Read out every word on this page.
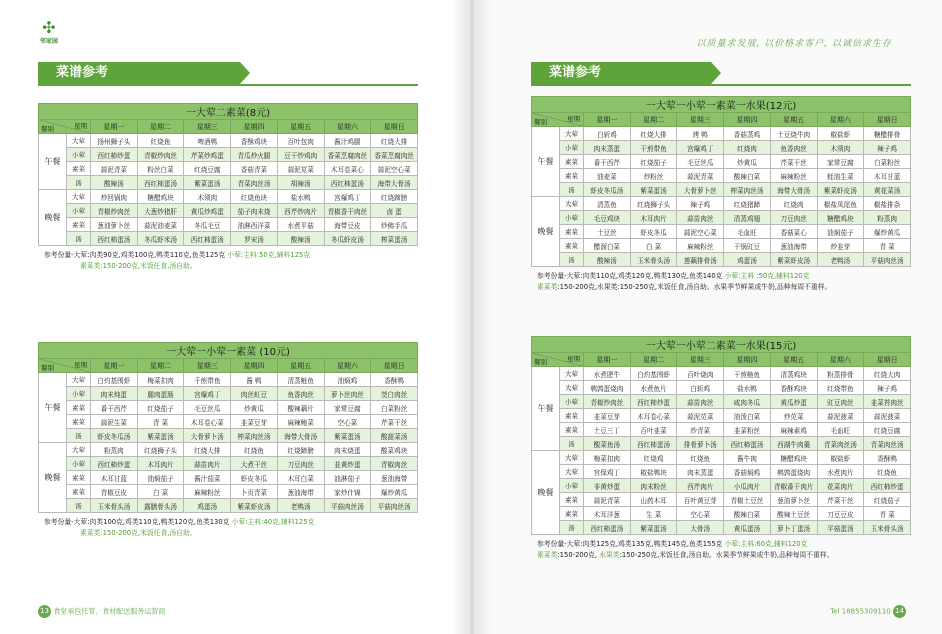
✣
邻家园
菜谱参考
一大荤二素菜(8元)								

星期
餐别		星期一	星期二	星期三	星期四	星期五	星期六	星期日
午餐	大荤	扬州狮子头	红烧鱼	啤酒鸭	香酥鸡块	百叶包肉	酱汁鸡腿	红烧大排
	小荤	西红柿炒蛋	青椒炒肉丝	芹菜炒鸡蛋	青瓜炒火腿	豆干炒鸡肉	香菜烹腐肉丝	香菜烹腐肉丝
	素菜	蒜泥青菜	粉丝白菜	红烧豆腐	香菇青菜	蒜泥苋菜	木耳卷菜心	蒜泥空心菜
	汤	酸辣汤	西红柿蛋汤	紫菜蛋汤	青菜肉丝汤	胡辣汤	西红柿蛋汤	海带大骨汤
晚餐	大荤	炒回锅肉	糖醋鸡块	木须肉	红烧鱼块	盐水鸭	宫爆鸡丁	红烧蹄膀
	小荤	青椒炒肉丝	大葱炒猪肝	黄瓜炒鸡蛋	茄子肉末烧	西芹炒肉片	青椒香干肉丝	卤 蛋
	素菜	葱油萝卜丝	蒜泥油麦菜	冬瓜毛豆	油淋西洋菜	水煮平菇	海带豆皮	炒佛手瓜
	汤	西红柿蛋汤	冬瓜虾米汤	西红柿蛋汤	罗宋汤	酸辣汤	冬瓜虾皮汤	榨菜蛋汤
参考份量-大荤:肉类90克,鸡类100克,鸭类110克,鱼类125克 小荤:主料:50克,辅料125克
素菜类:150-200克,米饭任食,汤自助。
一大荤一小荤一素菜 (10元)								

星期
餐别		星期一	星期二	星期三	星期四	星期五	星期六	星期日
午餐	大荤	白灼基围虾	梅菜扣肉	千煎带鱼	酱 鸭	清蒸鲢鱼	油焖鸡	香酥鸭
	小荤	肉末炖蛋	腿肉蛋肠	宫爆鸡丁	肉丝虹豆	鱼香肉丝	萝卜丝肉丝	茭白肉丝
	素菜	番干西芹	红烧茄子	毛豆丝瓜	炒黄瓜	酸辣藕片	家常豆腐	白菜粉丝
	素菜	蒜泥生菜	青 菜	木耳卷心菜	韭菜豆芽	麻辣鲍菜	空心菜	芹菜干丝
	汤	虾皮冬瓜汤	紫菜蛋汤	大骨萝卜汤	榨菜肉丝汤	海带大骨汤	紫菜蛋汤	酸甜菜汤
晚餐	大荤	粉蒸肉	红烧狮子头	红烧大排	红烧鱼	红烧蹄膀	肉末烧蛋	酸菜鸡块
	小荤	西红柿炒蛋	木耳肉片	蒜苗肉片	大煮干丝	刀豆肉丝	韭黄炒蛋	青椒肉丝
	素菜	木耳甘蓝	油焖茄子	酱汁茄菜	虾皮冬瓜	木耳白菜	油淋茄子	葱油海带
	素菜	青椒豆皮	白 菜	麻辣粉丝	卜页青菜	葱油海带	家炒什锦	爆炒黄瓜
	汤	玉米骨头汤	露膳骨头汤	鸡蛋汤	紫菜虾皮汤	老鸭汤	平菇肉丝汤	平菇肉丝汤
参考份量-大荤:肉类100克,鸡类110克,鸭类120克,鱼类130克 小荤:主料:40克,辅料125克
素菜类:150-200克,米饭任食,汤自助。
13 食堂承包托管、食材配送服务运营商
以质量求发展, 以价格求客户, 以诚信求生存
菜谱参考
一大荤一小荤一素菜一水果(12元)								

星期
餐别		星期一	星期二	星期三	星期四	星期五	星期六	星期日
午餐	大荤	白斩鸡	红烧大排	烤 鸭	香菇蒸鸡	土豆烧牛肉	椒盐虾	糖醋排骨
	小荤	肉末蒸蛋	干煎带鱼	宫爆鸡丁	红烧肉	鱼香肉丝	木须肉	辣子鸡
	素菜	番干西芹	红烧茄子	毛豆丝瓜	炒黄瓜	芹菜干丝	家常豆腐	白菜粉丝
	素菜	油麦菜	炒粉丝	蒜泥青菜	酸辣白菜	麻辣粉丝	蚝油生菜	木耳甘蓝
	汤	虾皮冬瓜汤	紫菜蛋汤	大骨萝卜丝	榨菜肉丝汤	海带大骨汤	紫菜虾皮汤	黄花菜汤
晚餐	大荤	清蒸鱼	红烧狮子头	辣子鸡	红烧猪蹄	红烧肉	椒盐凤尾鱼	椒盐排条
	小荤	毛豆鸡块	木耳肉片	蒜苗肉丝	清蒸鸡翅	刀豆肉丝	糖醋鸡块	粉蒸肉
	素菜	土豆丝	虾皮冬瓜	蒜泥空心菜	毛血旺	香菇菜心	油焖茄子	爆炒黄瓜
	素菜	醋溜白菜	白 菜	麻辣粉丝	干锅豇豆	葱油海带	炒韭芽	青 菜
	汤	酸辣汤	玉米骨头汤	莲藕排骨汤	鸡蛋汤	紫菜虾皮汤	老鸭汤	平菇肉丝汤
参考份量-大荤:肉类110克,鸡类120克,鸭类130克,鱼类140克 小荤:主料 :50克,辅料120克
素菜类:150-200克,水果类:150-250克,米饭任食,汤自助。水果季节鲜果或牛奶,品种每周不重样。
一大荤一小荤二素菜一水果(15元)								

星期
餐别		星期一	星期二	星期三	星期四	星期五	星期六	星期日
午餐	大荤	水煮肥牛	白灼基围虾	百叶烧肉	干煎鲢鱼	清蒸鸡块	粉蒸排骨	红烧大肉
	大荤	鹌鹑蛋烧肉	水煮鱼片	白斩鸡	盐水鸭	香酥鸡块	红烧带鱼	辣子鸡
	小荤	青椒炒肉丝	西红柿炒蛋	蒜苗肉丝	咸肉冬瓜	黄瓜炒蛋	豇豆肉丝	韭菜苔肉丝
	素菜	韭菜豆芽	木耳卷心菜	蒜泥苋菜	油泼白菜	炒苋菜	蒜泥菠菜	蒜泥菠菜
	素菜	土豆三丁	百叶韭菜	炒青菜	韭菜粉丝	麻辣素鸡	毛血旺	红烧豆腐
	汤	酸菜鱼汤	西红柿蛋汤	排骨萝卜汤	西红柿蛋汤	西湖牛肉羹	青菜肉丝汤	青菜肉丝汤
晚餐	大荤	梅菜扣肉	红烧鸡	红烧鱼	酱牛肉	糖醋鸡块	椒盐虾	香酥鸭
	大荤	宫保鸡丁	椒盐鸭块	肉末蒸蛋	香菇焖鸡	鹌鹑蛋烧肉	水煮肉片	红烧鱼
	小荤	非黄炒蛋	肉末粉丝	西芹肉片	小瓜肉片	青椒番干肉片	花菜肉片	西红柿炒蛋
	素菜	蒜泥青菜	山药木耳	百叶黄豆芽	青椒土豆丝	葱油萝卜丝	芹菜干丝	红烧茄子
	素菜	木耳洋葱	生 菜	空心菜	酸辣白菜	酸辣土豆丝	刀豆豆皮	青 菜
	汤	西红柿蛋汤	紫菜蛋汤	大骨汤	黄瓜蛋汤	萝卜丁蛋汤	平菇蛋汤	玉米骨头汤
参考份量-大荤:肉类125克,鸡类135克,鸭类145克,鱼类155克 小荤:主料:60克,辅料120克
素菜类:150-200克, 水果类:150-250克,米饭任食,汤自助。水果季节鲜果或牛奶,品种每周不重样。
Tel 18855309110 14
